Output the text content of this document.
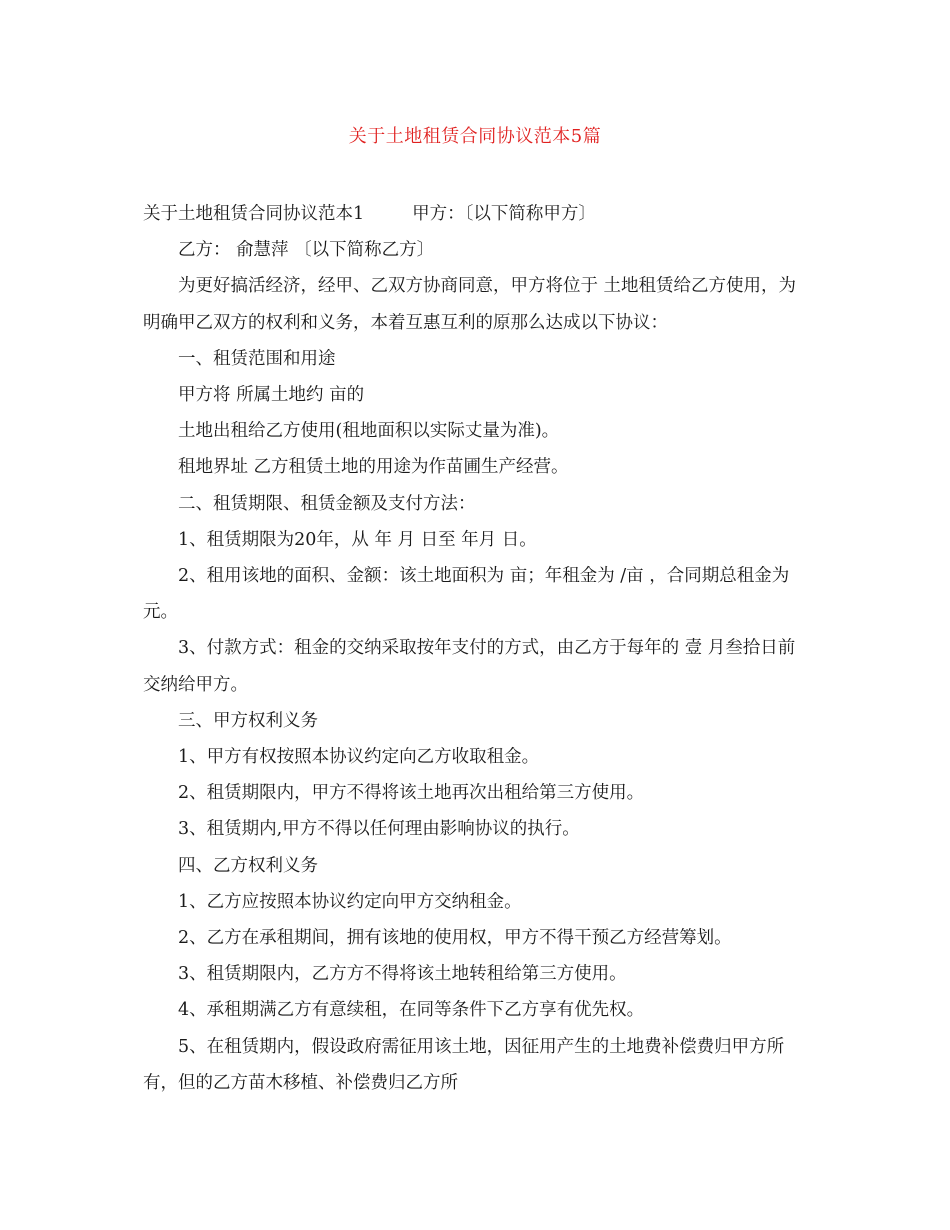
关于土地租赁合同协议范本5篇

关于土地租赁合同协议范本1	甲方：〔以下简称甲方〕

乙方： 俞慧萍 〔以下简称乙方〕

为更好搞活经济，经甲、乙双方协商同意，甲方将位于 土地租赁给乙方使用，为明确甲乙双方的权利和义务，本着互惠互利的原那么达成以下协议：

一、租赁范围和用途

甲方将 所属土地约 亩的

土地出租给乙方使用(租地面积以实际丈量为准)。

租地界址 乙方租赁土地的用途为作苗圃生产经营。

二、租赁期限、租赁金额及支付方法：

1、租赁期限为20年，从 年 月 日至 年月 日。

2、租用该地的面积、金额：该土地面积为 亩；年租金为 /亩 ，合同期总租金为 元。

3、付款方式：租金的交纳采取按年支付的方式，由乙方于每年的 壹 月叁拾日前交纳给甲方。

三、甲方权利义务

1、甲方有权按照本协议约定向乙方收取租金。

2、租赁期限内，甲方不得将该土地再次出租给第三方使用。

3、租赁期内,甲方不得以任何理由影响协议的执行。

四、乙方权利义务

1、乙方应按照本协议约定向甲方交纳租金。

2、乙方在承租期间，拥有该地的使用权，甲方不得干预乙方经营筹划。

3、租赁期限内，乙方方不得将该土地转租给第三方使用。

4、承租期满乙方有意续租，在同等条件下乙方享有优先权。

5、在租赁期内，假设政府需征用该土地，因征用产生的土地费补偿费归甲方所有，但的乙方苗木移植、补偿费归乙方所
